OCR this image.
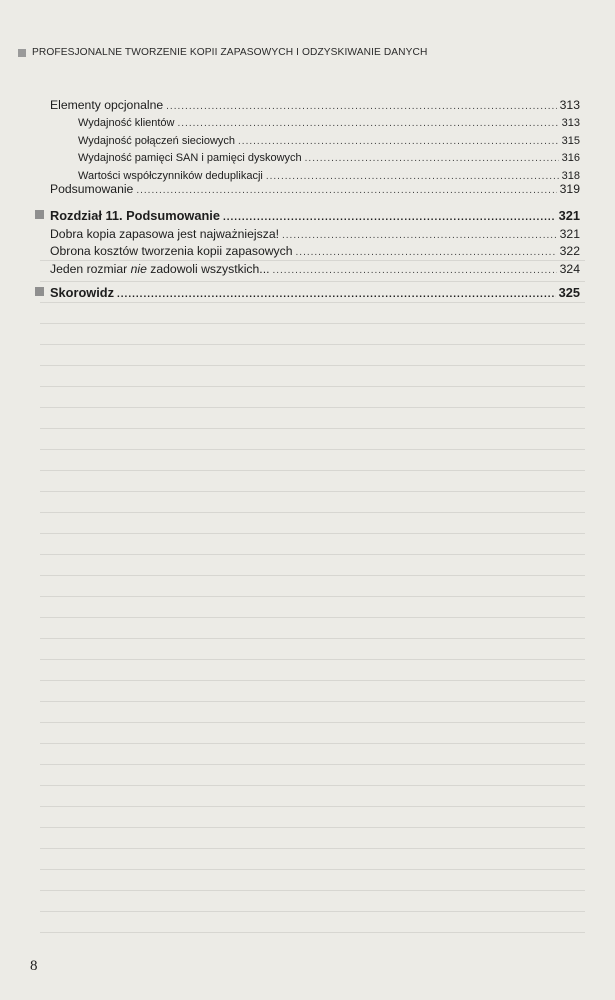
PROFESJONALNE TWORZENIE KOPII ZAPASOWYCH I ODZYSKIWANIE DANYCH
Elementy opcjonalne .....	313
Wydajność klientów .....	313
Wydajność połączeń sieciowych .....	315
Wydajność pamięci SAN i pamięci dyskowych .....	316
Wartości współczynników deduplikacji .....	318
Podsumowanie .....	319
Rozdział 11. Podsumowanie .....	321
Dobra kopia zapasowa jest najważniejsza! .....	321
Obrona kosztów tworzenia kopii zapasowych .....	322
Jeden rozmiar nie zadowoli wszystkich... .....	324
Skorowidz .....	325
8
